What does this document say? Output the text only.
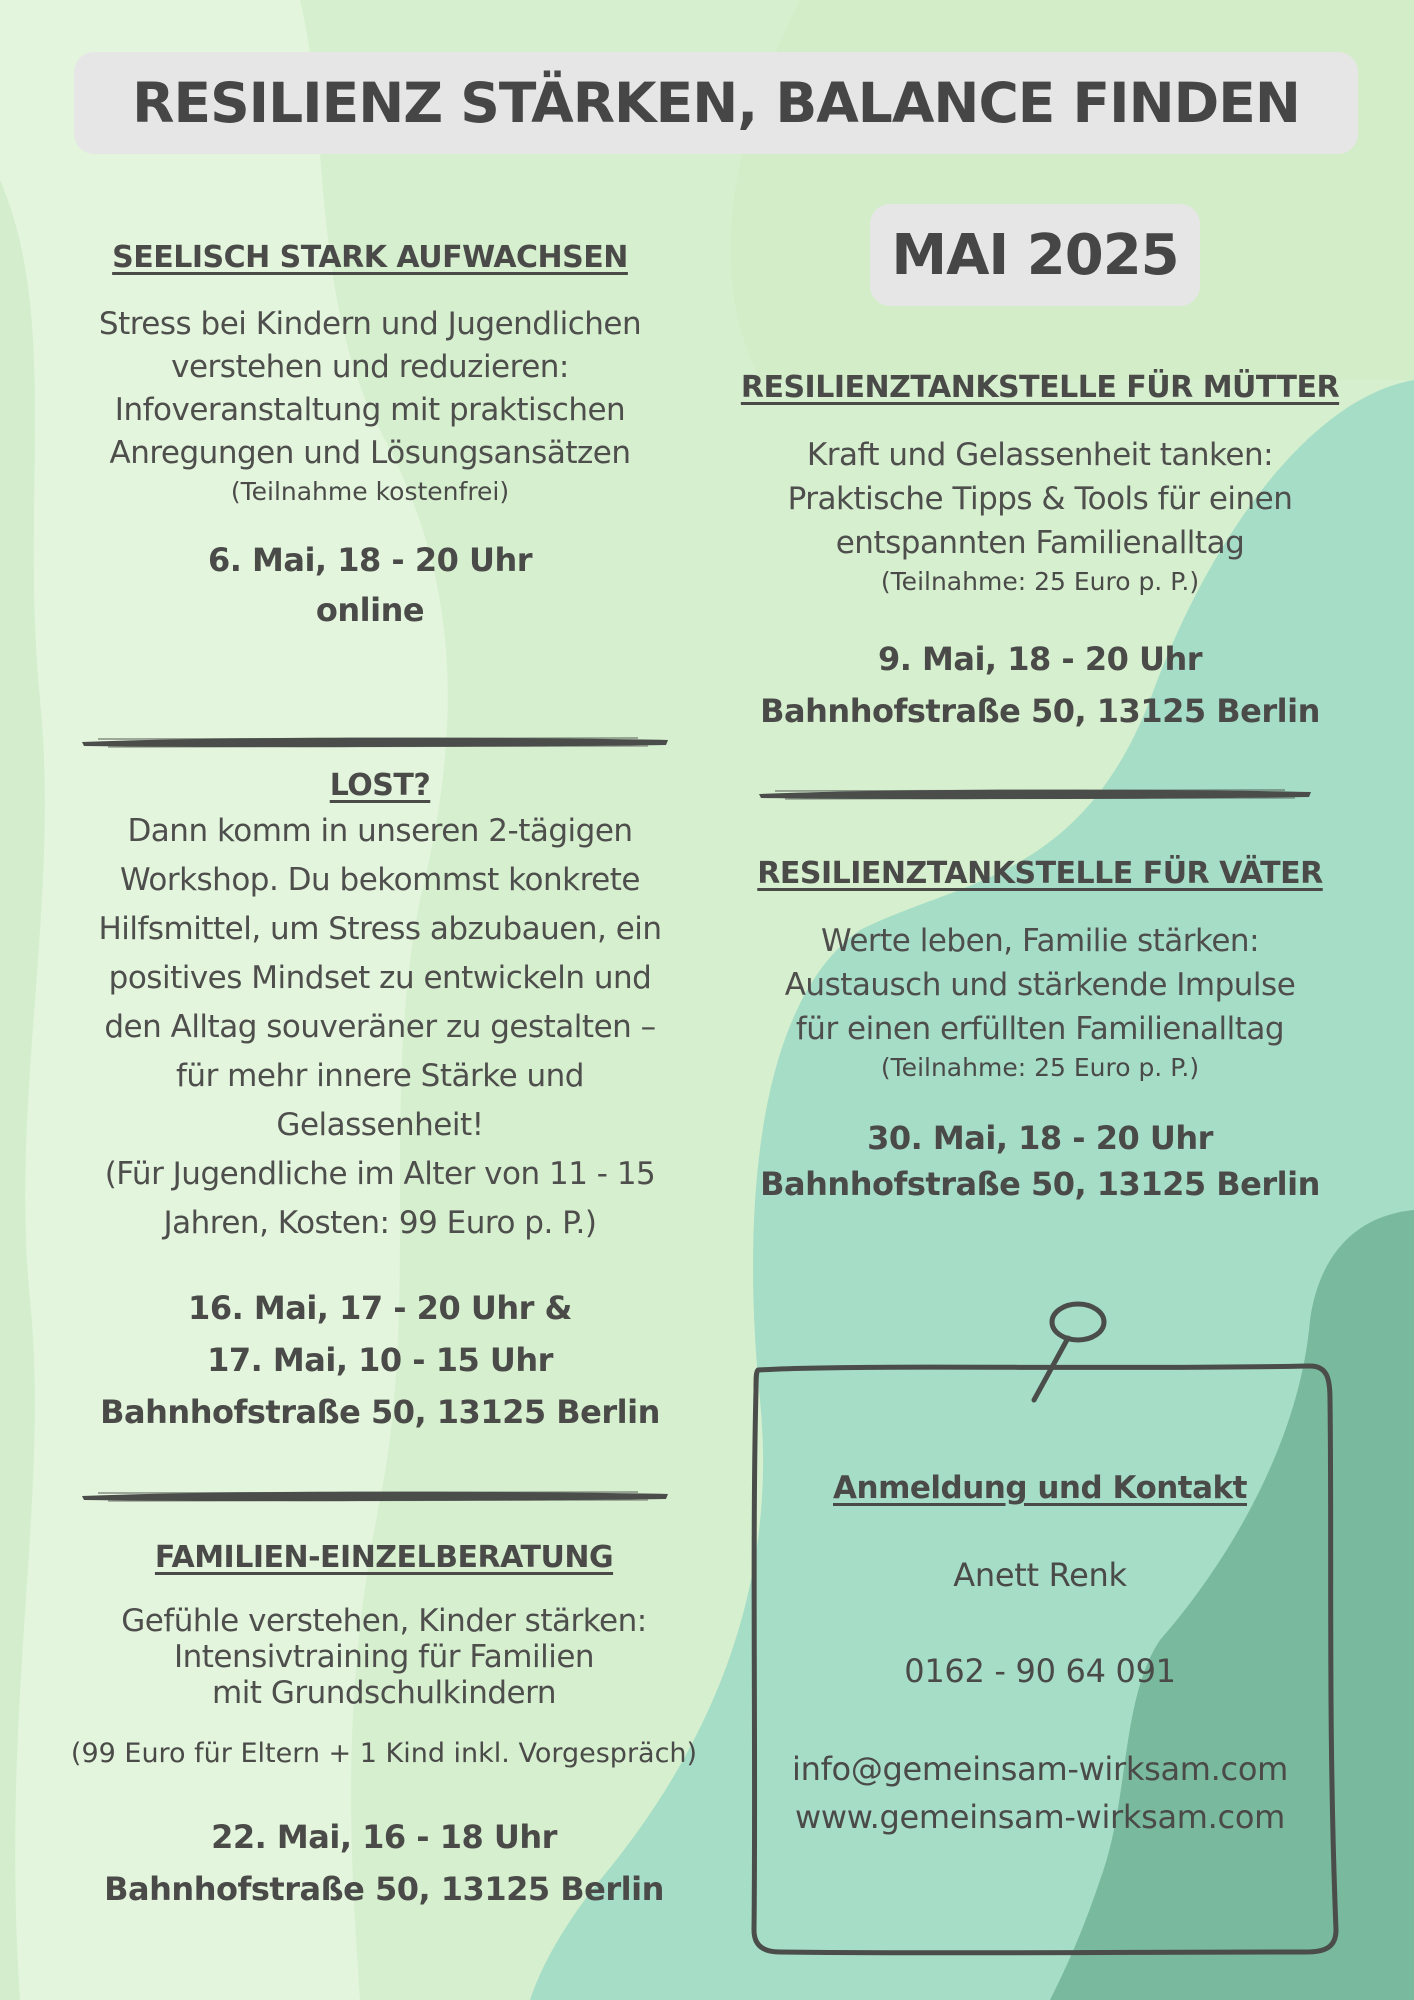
RESILIENZ STÄRKEN, BALANCE FINDEN
MAI 2025
SEELISCH STARK AUFWACHSEN
Stress bei Kindern und Jugendlichen
verstehen und reduzieren:
Infoveranstaltung mit praktischen
Anregungen und Lösungsansätzen
(Teilnahme kostenfrei)
6. Mai, 18 - 20 Uhr
online
LOST?
Dann komm in unseren 2-tägigen
Workshop. Du bekommst konkrete
Hilfsmittel, um Stress abzubauen, ein
positives Mindset zu entwickeln und
den Alltag souveräner zu gestalten –
für mehr innere Stärke und
Gelassenheit!
(Für Jugendliche im Alter von 11 - 15
Jahren, Kosten: 99 Euro p. P.)
16. Mai, 17 - 20 Uhr &
17. Mai, 10 - 15 Uhr
Bahnhofstraße 50, 13125 Berlin
FAMILIEN-EINZELBERATUNG
Gefühle verstehen, Kinder stärken:
Intensivtraining für Familien
mit Grundschulkindern
(99 Euro für Eltern + 1 Kind inkl. Vorgespräch)
22. Mai, 16 - 18 Uhr
Bahnhofstraße 50, 13125 Berlin
RESILIENZTANKSTELLE FÜR MÜTTER
Kraft und Gelassenheit tanken:
Praktische Tipps & Tools für einen
entspannten Familienalltag
(Teilnahme: 25 Euro p. P.)
9. Mai, 18 - 20 Uhr
Bahnhofstraße 50, 13125 Berlin
RESILIENZTANKSTELLE FÜR VÄTER
Werte leben, Familie stärken:
Austausch und stärkende Impulse
für einen erfüllten Familienalltag
(Teilnahme: 25 Euro p. P.)
30. Mai, 18 - 20 Uhr
Bahnhofstraße 50, 13125 Berlin
Anmeldung und Kontakt
Anett Renk
0162 - 90 64 091
info@gemeinsam-wirksam.com
www.gemeinsam-wirksam.com
